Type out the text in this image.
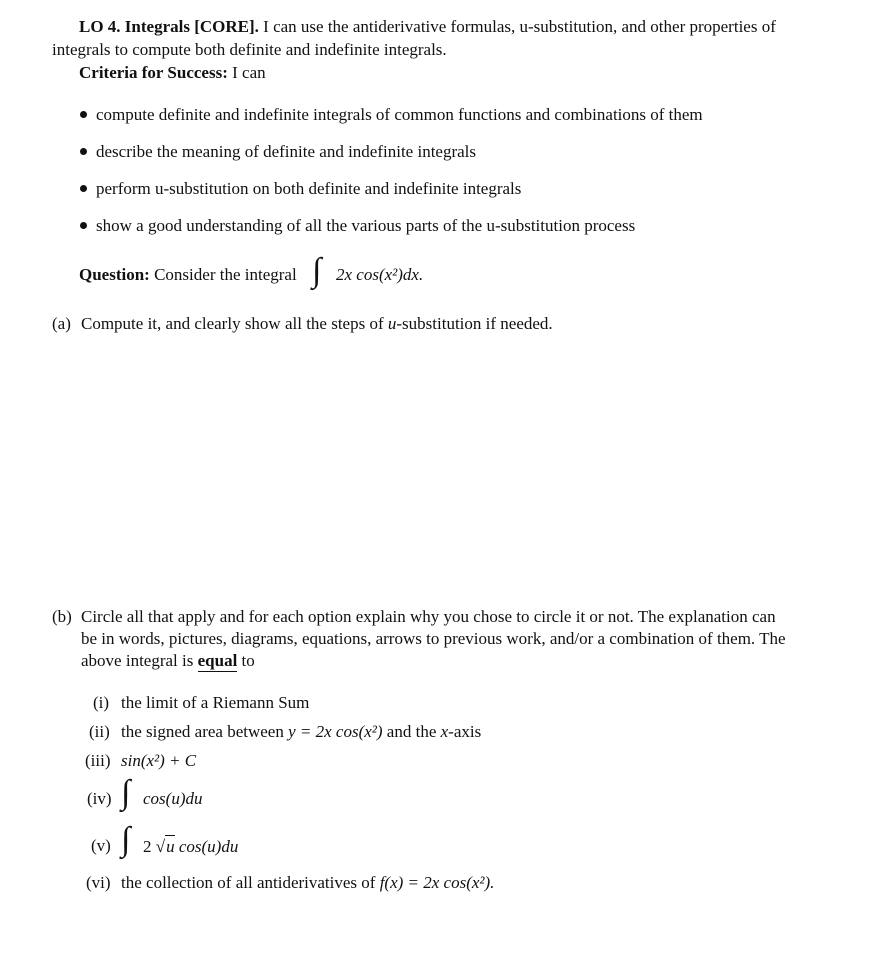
LO 4. Integrals [CORE]. I can use the antiderivative formulas, u-substitution, and other properties of
integrals to compute both definite and indefinite integrals.
Criteria for Success: I can
compute definite and indefinite integrals of common functions and combinations of them
describe the meaning of definite and indefinite integrals
perform u-substitution on both definite and indefinite integrals
show a good understanding of all the various parts of the u-substitution process
Question: Consider the integral ∫ 2x cos(x²)dx.
(a) Compute it, and clearly show all the steps of u-substitution if needed.
(b) Circle all that apply and for each option explain why you chose to circle it or not. The explanation can
be in words, pictures, diagrams, equations, arrows to previous work, and/or a combination of them. The
above integral is equal to
(i) the limit of a Riemann Sum
(ii) the signed area between y = 2x cos(x²) and the x-axis
(iii) sin(x²) + C
(iv) ∫ cos(u)du
(v) ∫ 2 √u cos(u)du
(vi) the collection of all antiderivatives of f(x) = 2x cos(x²).
